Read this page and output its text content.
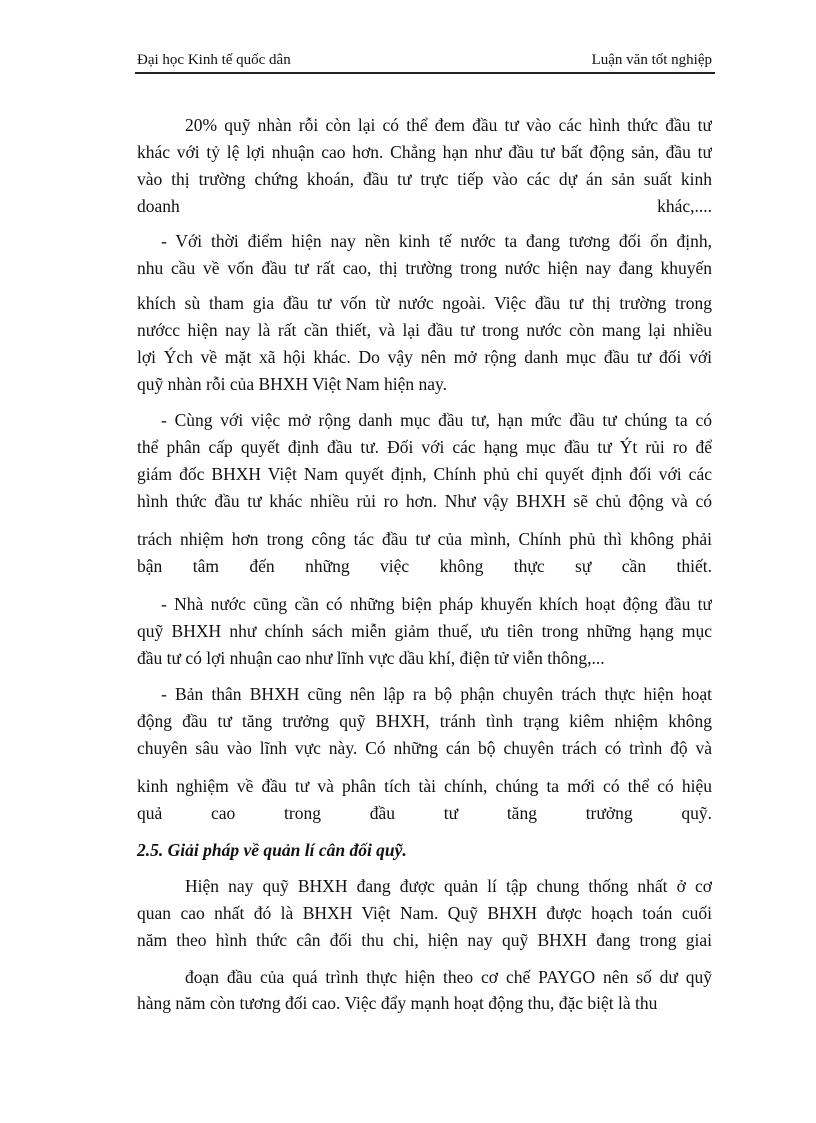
Đại học Kinh tế quốc dân	Luận văn tốt nghiệp
20% quỹ nhàn rỗi còn lại có thể đem đầu tư vào các hình thức đầu tư
khác với tỷ lệ lợi nhuận cao hơn. Chẳng hạn như đầu tư bất động sản, đầu tư
vào thị trường chứng khoán, đầu tư trực tiếp vào các dự án sản suất kinh
doanh khác,....
- Với thời điểm hiện nay nền kinh tế nước ta đang tương đối ổn định,
nhu cầu về vốn đầu tư rất cao, thị trường trong nước hiện nay đang khuyến
khích sù tham gia đầu tư vốn từ nước ngoài. Việc đầu tư thị trường trong
nướcc hiện nay là rất cần thiết, và lại đầu tư trong nước còn mang lại nhiều
lợi Ých về mặt xã hội khác. Do vậy nên mở rộng danh mục đầu tư đối với
quỹ nhàn rỗi của BHXH Việt Nam hiện nay.
- Cùng với việc mở rộng danh mục đầu tư, hạn mức đầu tư chúng ta có
thể phân cấp quyết định đầu tư. Đối với các hạng mục đầu tư Ýt rủi ro để
giám đốc BHXH Việt Nam quyết định, Chính phủ chỉ quyết định đối với các
hình thức đầu tư khác nhiều rủi ro hơn. Như vậy BHXH sẽ chủ động và có
trách nhiệm hơn trong công tác đầu tư của mình, Chính phủ thì không phải
bận tâm đến những việc không thực sự cần thiết.
- Nhà nước cũng cần có những biện pháp khuyến khích hoạt động đầu tư
quỹ BHXH như chính sách miễn giảm thuế, ưu tiên trong những hạng mục
đầu tư có lợi nhuận cao như lĩnh vực dầu khí, điện tử viễn thông,...
- Bản thân BHXH cũng nên lập ra bộ phận chuyên trách thực hiện hoạt
động đầu tư tăng trưởng quỹ BHXH, tránh tình trạng kiêm nhiệm không
chuyên sâu vào lĩnh vực này. Có những cán bộ chuyên trách có trình độ và
kinh nghiệm về đầu tư và phân tích tài chính, chúng ta mới có thể có hiệu
quả cao trong đầu tư tăng trưởng quỹ.
2.5. Giải pháp về quản lí cân đối quỹ.
Hiện nay quỹ BHXH đang được quản lí tập chung thống nhất ở cơ
quan cao nhất đó là BHXH Việt Nam. Quỹ BHXH được hoạch toán cuối
năm theo hình thức cân đối thu chi, hiện nay quỹ BHXH đang trong giai
đoạn đầu của quá trình thực hiện theo cơ chế PAYGO nên số dư quỹ
hàng năm còn tương đối cao. Việc đẩy mạnh hoạt động thu, đặc biệt là thu
